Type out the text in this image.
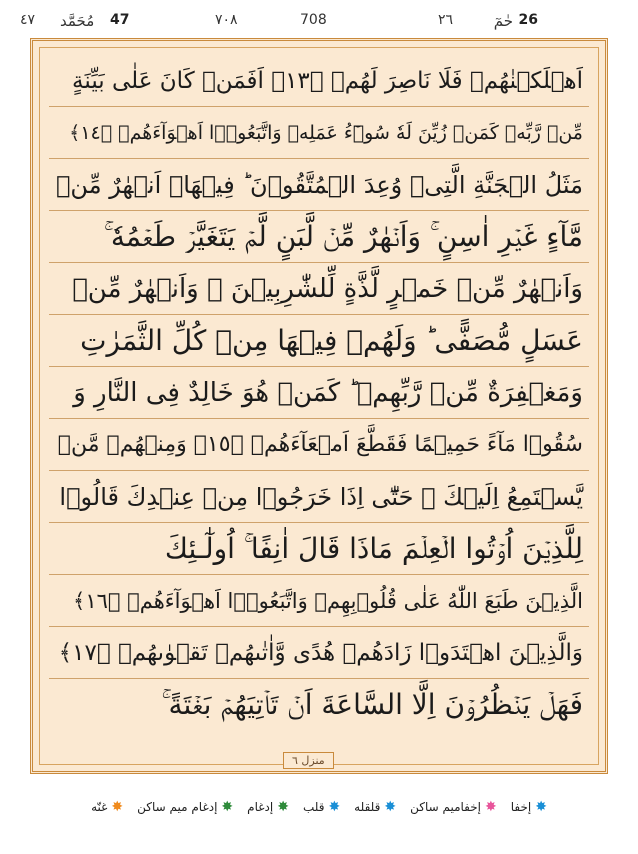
26
حٰمٓ
٢٦
708
٧٠٨
47
مُحَمَّد
٤٧
اَهۡلَكۡنٰهُمۡ فَلَا نَاصِرَ لَهُمۡ ﴿١٣﴾ اَفَمَنۡ كَانَ عَلٰى بَيِّنَةٍ
مِّنۡ رَّبِّهٖ كَمَنۡ زُيِّنَ لَهٗ سُوۡٓءُ عَمَلِهٖ وَاتَّبَعُوۡۤا اَهۡوَآءَهُمۡ ﴿١٤﴾
مَثَلُ الۡجَنَّةِ الَّتِىۡ وُعِدَ الۡمُتَّقُوۡنَ ؕ فِيۡهَاۤ اَنۡهٰرٌ مِّنۡ
مَّآءٍ غَيۡرِ اٰسِنٍ ۚ وَاَنۡهٰرٌ مِّنۡ لَّبَنٍ لَّمۡ يَتَغَيَّرۡ طَعۡمُهٗ ۚ
وَاَنۡهٰرٌ مِّنۡ خَمۡرٍ لَّذَّةٍ لِّلشّٰرِبِيۡنَ ۚ وَاَنۡهٰرٌ مِّنۡ
عَسَلٍ مُّصَفًّى ؕ وَلَهُمۡ فِيۡهَا مِنۡ كُلِّ الثَّمَرٰتِ
وَمَغۡفِرَةٌ مِّنۡ رَّبِّهِمۡ ؕ كَمَنۡ هُوَ خَالِدٌ فِى النَّارِ وَ
سُقُوۡا مَآءً حَمِيۡمًا فَقَطَّعَ اَمۡعَآءَهُمۡ ﴿١٥﴾ وَمِنۡهُمۡ مَّنۡ
يَّسۡتَمِعُ اِلَيۡكَ ۚ حَتّٰٓى اِذَا خَرَجُوۡا مِنۡ عِنۡدِكَ قَالُوۡا
لِلَّذِيۡنَ اُوۡتُوا الۡعِلۡمَ مَاذَا قَالَ اٰنِفًا ۚ اُولٰٓـئِكَ
الَّذِيۡنَ طَبَعَ اللّٰهُ عَلٰى قُلُوۡبِهِمۡ وَاتَّبَعُوۡۤا اَهۡوَآءَهُمۡ ﴿١٦﴾
وَالَّذِيۡنَ اهۡتَدَوۡا زَادَهُمۡ هُدًى وَّاٰتٰٮهُمۡ تَقۡوٰٮهُمۡ ﴿١٧﴾
فَهَلۡ يَنۡظُرُوۡنَ اِلَّا السَّاعَةَ اَنۡ تَاۡتِيَهُمۡ بَغۡتَةً ۚ
منزل ٦
✸
إخفا
✸
إخفاميم ساكن
✸
قلقله
✸
قلب
✸
إدغام
✸
إدغام ميم ساكن
✸
غنّه
